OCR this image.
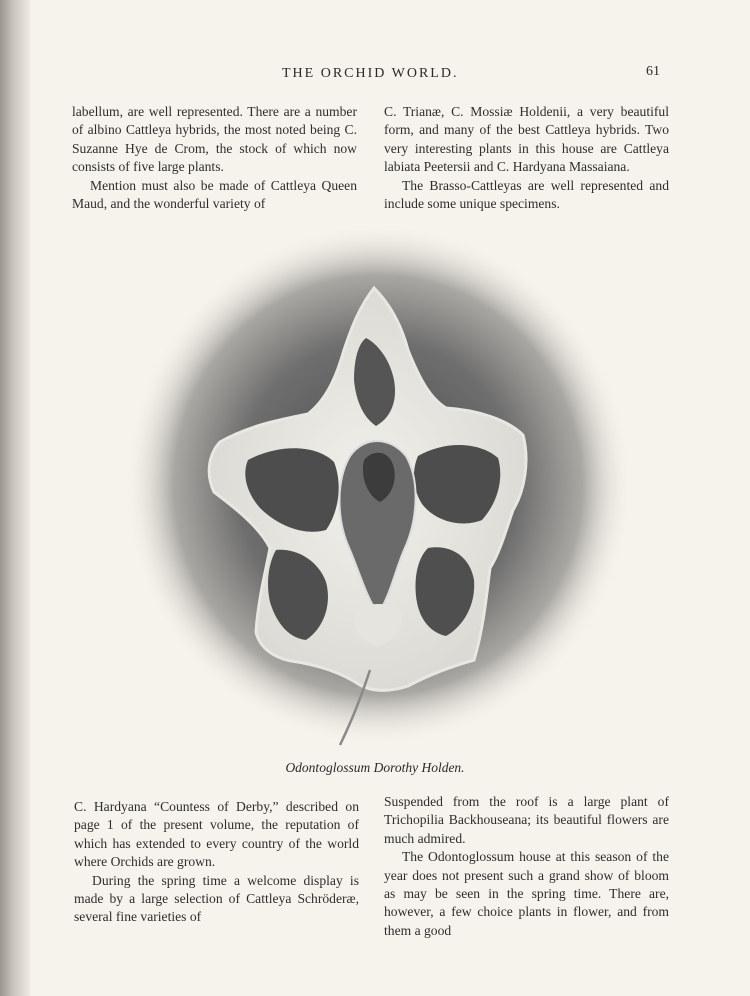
THE ORCHID WORLD.	61

labellum, are well represented. There are a number of albino Cattleya hybrids, the most noted being C. Suzanne Hye de Crom, the stock of which now consists of five large plants.

Mention must also be made of Cattleya Queen Maud, and the wonderful variety of

C. Trianæ, C. Mossiæ Holdenii, a very beautiful form, and many of the best Cattleya hybrids. Two very interesting plants in this house are Cattleya labiata Peetersii and C. Hardyana Massaiana.

The Brasso-Cattleyas are well represented and include some unique specimens.

Odontoglossum Dorothy Holden.

C. Hardyana “Countess of Derby,” described on page 1 of the present volume, the reputation of which has extended to every country of the world where Orchids are grown.

During the spring time a welcome display is made by a large selection of Cattleya Schröderæ, several fine varieties of

Suspended from the roof is a large plant of Trichopilia Backhouseana; its beautiful flowers are much admired.

The Odontoglossum house at this season of the year does not present such a grand show of bloom as may be seen in the spring time. There are, however, a few choice plants in flower, and from them a good
